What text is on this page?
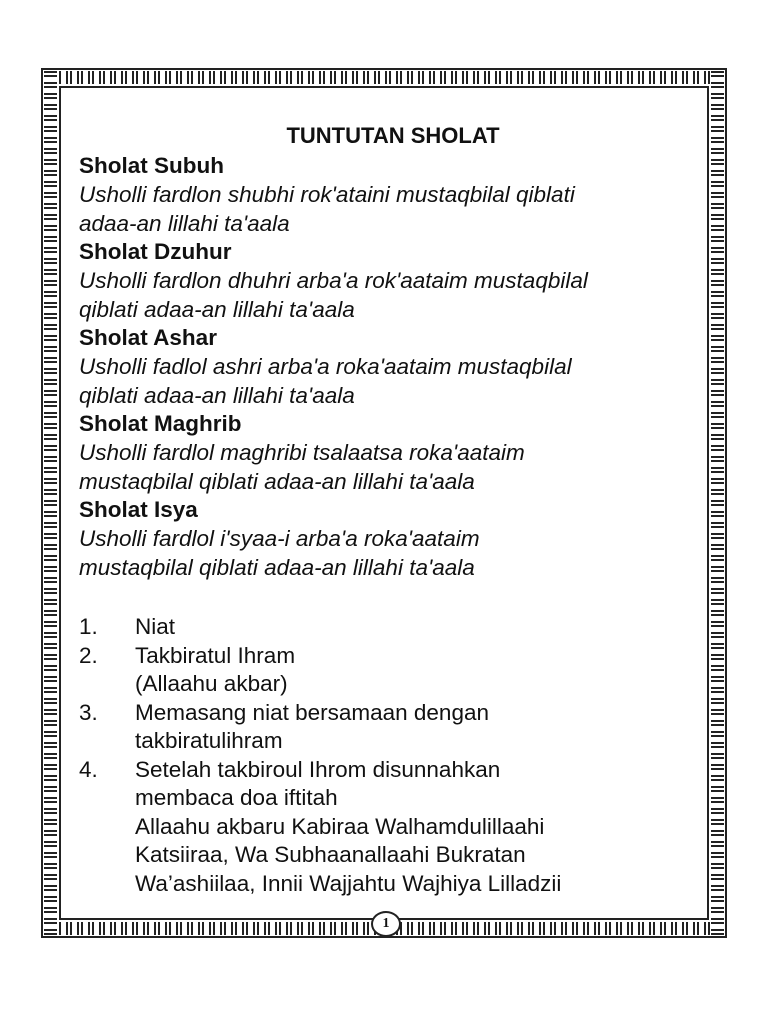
TUNTUTAN SHOLAT

Sholat Subuh

Usholli fardlon shubhi rok'ataini mustaqbilal qiblati
adaa-an lillahi ta'aala

Sholat Dzuhur

Usholli fardlon dhuhri arba'a rok'aataim mustaqbilal
qiblati adaa-an lillahi ta'aala

Sholat Ashar

Usholli fadlol ashri arba'a roka'aataim mustaqbilal
qiblati adaa-an lillahi ta'aala

Sholat Maghrib

Usholli fardlol maghribi tsalaatsa roka'aataim
mustaqbilal qiblati adaa-an lillahi ta'aala

Sholat Isya

Usholli fardlol i'syaa-i arba'a roka'aataim
mustaqbilal qiblati adaa-an lillahi ta'aala

1.	Niat
2.	Takbiratul Ihram
(Allaahu akbar)
3.	Memasang niat bersamaan dengan
takbiratulihram
4.	Setelah takbiroul Ihrom disunnahkan
membaca doa iftitah
Allaahu akbaru Kabiraa Walhamdulillaahi
Katsiiraa, Wa Subhaanallaahi Bukratan
Wa’ashiilaa, Innii Wajjahtu Wajhiya Lilladzii
1
